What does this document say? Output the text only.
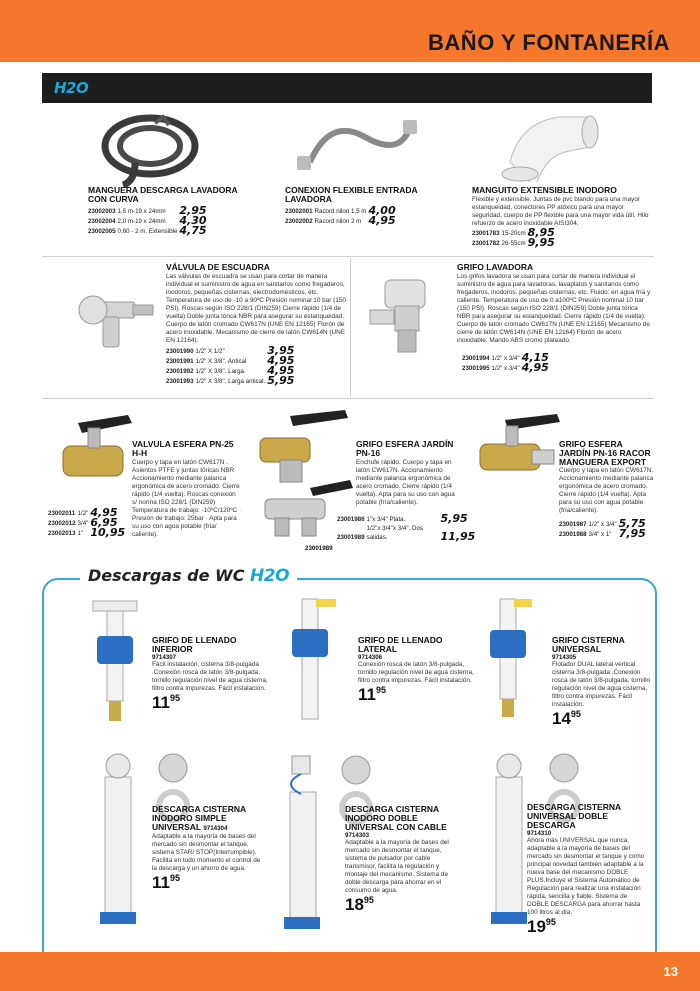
BAÑO Y FONTANERÍA
H2O
MANGUERA DESCARGA LAVADORA CON CURVA
23002003	1,5 m-19 x 24mm	2,95
23002004	2,0 m-19 x 24mm	4,30
23002005	0,60 - 2 m. Extensible	4,75
CONEXION FLEXIBLE ENTRADA LAVADORA
23002001	Racord nilon 1,5 m	4,00
23002002	Racord nilon 2 m	4,95
MANGUITO EXTENSIBLE INODORO
Flexible y extensible. Juntas de pvc blando para una mayor estanqueidad, conectores PP atóxico para una mayor seguridad, cuerpo de PP flexible para una mayor vida útil. Hilo refuerzo de acero inoxidable AISI304.
23001783	15-20cm	8,95
23001782	26-55cm	9,95
VÁLVULA DE ESCUADRA
Las válvulas de escuadra se usan para cortar de manera individual el suministro de agua en sanitarios como fregaderos, inodoros, pequeñas cisternas, electrodomésticos, etc. Temperatura de uso de -10 a 90ºC Presión nominal 10 bar (150 PSI). Roscas según ISO 228/1 (DIN259) Cierre rápido (1/4 de vuelta) Doble junta tórica NBR para asegurar su estanqueidad. Cuerpo de latón cromado CW617N (UNE EN 12165) Florón de acero inoxidable. Mecanismo de cierre de latón CW614N (UNE EN 12164).
23001990	1/2" X 1/2"	3,95
23001991	1/2" X 3/8". Antical	4,95
23001992	1/2" X 3/8". Larga.	4,95
23001993	1/2" X 3/8". Larga antical.	5,95
GRIFO LAVADORA
Los grifos lavadora se usan para cortar de manera individual el suministro de agua para lavadoras, lavaplatos y sanitarios como fregaderos, inodoros, pequeñas cisternas, etc. Fluido: en agua fría y caliente. Temperatura de uso de 0 a100ºC Presión nominal 10 bar (150 PSI). Roscas según ISO 228/1 (DIN259) Doble junta tórica NBR para asegurar su estanqueidad. Cierre rápido (1/4 de vuelta). Cuerpo de latón cromado CW617N (UNE EN 12165) Mecanismo de cierre de latón CW614N (UNE EN 12164) Florón de acero inoxidable. Mando ABS cromo plateado.
23001994	1/2" x 3/4"	4,15
23001995	1/2" x 3/4"	4,95
VALVULA ESFERA PN-25 H-H
Cuerpo y tapa en latón CW617N . Asientos PTFE y juntas tóricas NBR Accionamiento mediante palanca ergonómica de acero cromado. Cierre rápido (1/4 vuelta). Roscas conexión s/ norma ISO 228/1 (DIN259) Temperatura de trabajo: -10ºC/120ºC · Presión de trabajo: 25bar · Apta para su uso con agua potable (fría/ caliente).
23002011	1/2"	4,95
23002012	3/4"	6,95
23002013	1"	10,95
23001989
GRIFO ESFERA JARDÍN PN-16
Enchufe rápido. Cuerpo y tapa en latón CW617N. Accionamiento mediante palanca ergonómica de acero cromado. Cierre rápido (1/4 vuelta). Apta para su uso con agua potable (fría/caliente).
23001986	1"x 3/4" Plata.	5,95
23001989	1/2"x 3/4"x 3/4". Dos salidas.	11,95
GRIFO ESFERA JARDÍN PN-16 RACOR MANGUERA EXPORT
Cuerpo y tapa en latón CW617N. Accionamiento mediante palanca ergonómica de acero cromado. Cierre rápido (1/4 vuelta). Apta para su uso con agua potable (fría/caliente).
23001987	1/2" x 3/4"	5,75
23001988	3/4" x 1"	7,95
Descargas de WC H2O
GRIFO DE LLENADO INFERIOR
9714307
Fácil instalación, cisterna 3/8-pulgada .Conexión rosca de latón 3/8-pulgada, tornillo regulación nivel de agua cisterna, filtro contra impurezas. Fácil instalación.
$11^{95}$
GRIFO DE LLENADO LATERAL
9714306
Conexión rosca de latón 3/8-pulgada, tornillo regulación nivel de agua cisterna, filtro contra impurezas. Fácil instalación.
$11^{95}$
GRIFO CISTERNA UNIVERSAL
9714305
Flotador DUAL lateral vertical cisterna 3/8-pulgada .Conexión rosca de latón 3/8-pulgada, tornillo regulación nivel de agua cisterna, filtro contra impurezas. Fácil instalación.
$14^{95}$
DESCARGA CISTERNA INODORO SIMPLE UNIVERSAL 9714304
Adaptable a la mayoría de bases del mercado sin desmontar el tanque, sistema STAR/ STOP(Interrumpible). Facilita en todo momento el control de la descarga y un ahorro de agua.
$11^{95}$
DESCARGA CISTERNA INODORO DOBLE UNIVERSAL CON CABLE
9714303
Adaptable a la mayoría de bases del mercado sin desmontar el tanque, sistema de pulsador por cable transmisor, facilita la regulación y montaje del mecanismo. Sistema de doble descarga para ahorrar en el consumo de agua.
$18^{95}$
DESCARGA CISTERNA UNIVERSAL DOBLE DESCARGA
9714310
Ahora más UNIVERSAL que nunca, adaptable a la mayoría de bases del mercado sin desmontar el tanque y como principal novedad también adaptable a la nueva base del mecanismo DOBLE PLUS.Incluye el Sistema Automático de Regulación para realizar una instalación rápida, sencilla y fiable. Sistema de DOBLE DESCARGA para ahorrar hasta 100 litros al día.
$19^{95}$
13
